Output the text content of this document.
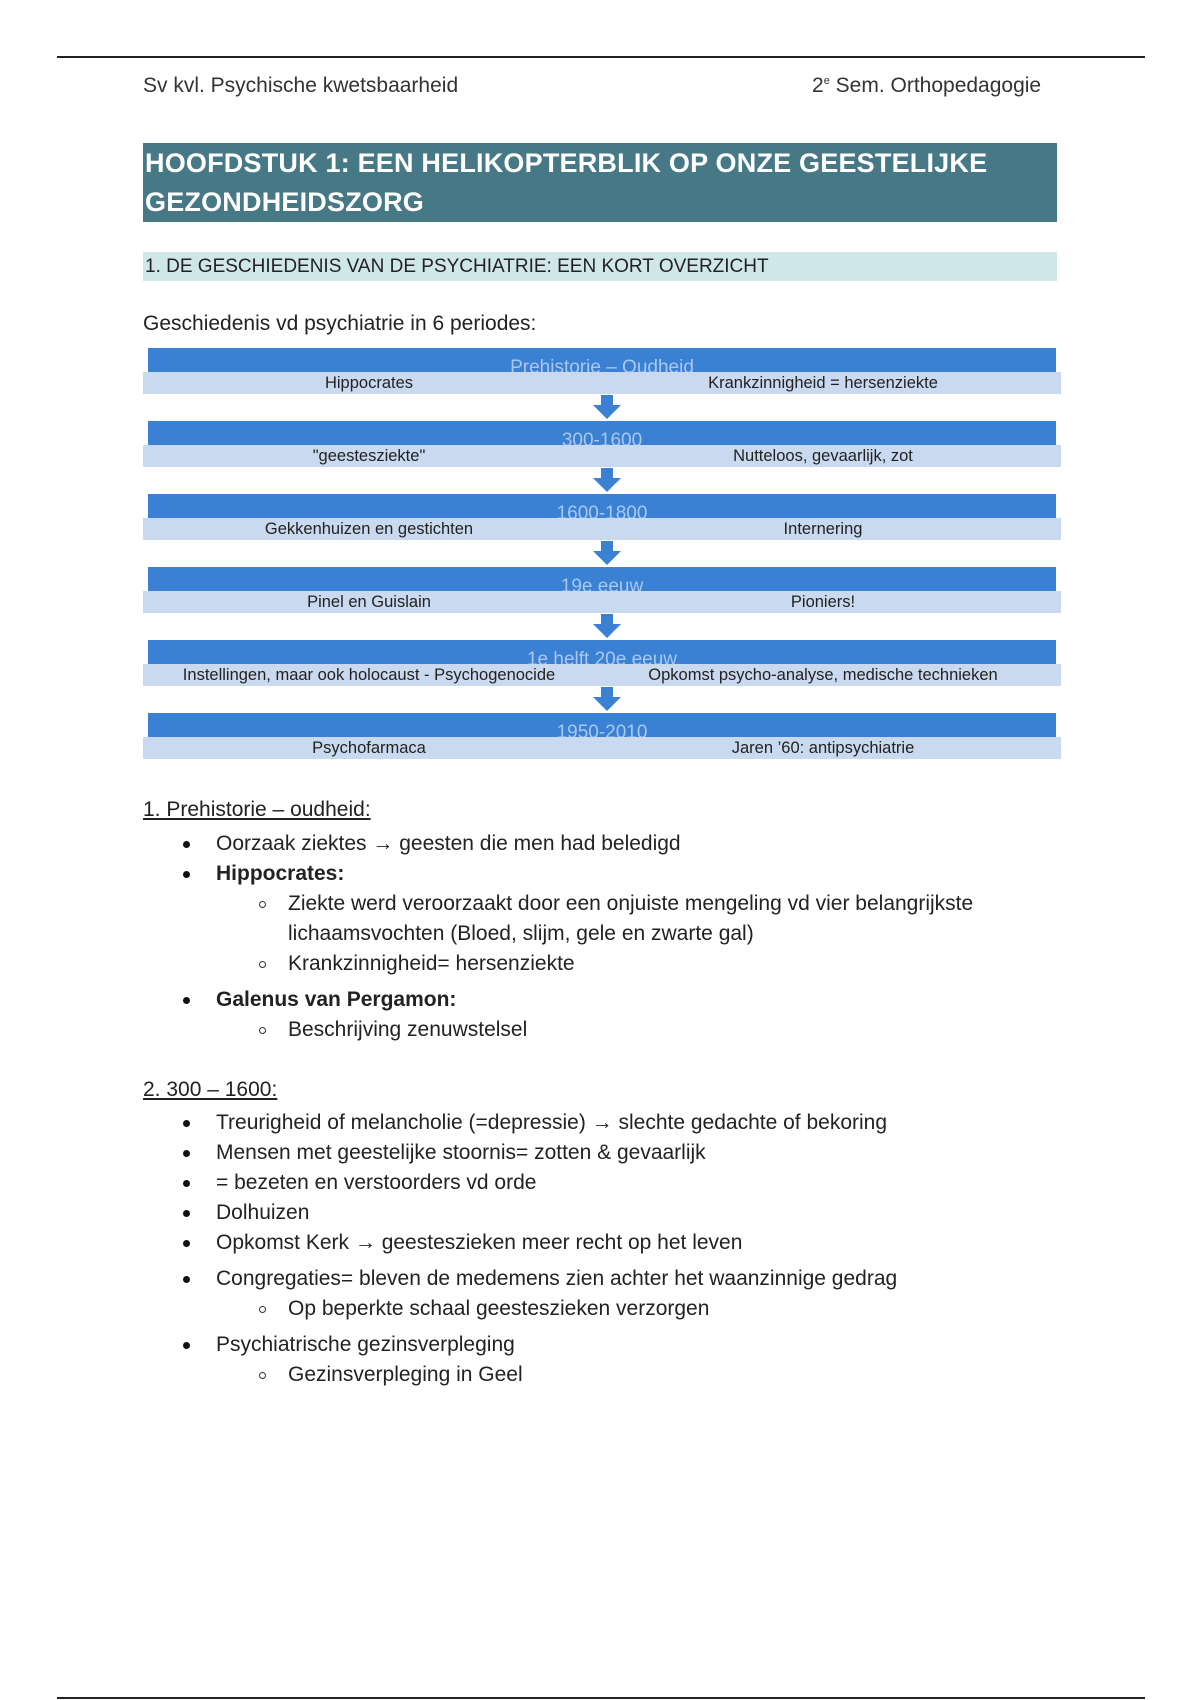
Sv kvl. Psychische kwetsbaarheid	2e Sem. Orthopedagogie
HOOFDSTUK 1: EEN HELIKOPTERBLIK OP ONZE GEESTELIJKE
GEZONDHEIDSZORG
1. DE GESCHIEDENIS VAN DE PSYCHIATRIE: EEN KORT OVERZICHT
Geschiedenis vd psychiatrie in 6 periodes:
Prehistorie – Oudheid
Hippocrates	Krankzinnigheid = hersenziekte
300-1600
"geestesziekte"	Nutteloos, gevaarlijk, zot
1600-1800
Gekkenhuizen en gestichten	Internering
19e eeuw
Pinel en Guislain	Pioniers!
1e helft 20e eeuw
Instellingen, maar ook holocaust - Psychogenocide	Opkomst psycho-analyse, medische technieken
1950-2010
Psychofarmaca	Jaren ’60: antipsychiatrie
1. Prehistorie – oudheid:
Oorzaak ziektes → geesten die men had beledigd
Hippocrates:
Ziekte werd veroorzaakt door een onjuiste mengeling vd vier belangrijkste lichaamsvochten (Bloed, slijm, gele en zwarte gal)
Krankzinnigheid= hersenziekte
Galenus van Pergamon:
Beschrijving zenuwstelsel
2. 300 – 1600:
Treurigheid of melancholie (=depressie) → slechte gedachte of bekoring
Mensen met geestelijke stoornis= zotten & gevaarlijk
= bezeten en verstoorders vd orde
Dolhuizen
Opkomst Kerk → geesteszieken meer recht op het leven
Congregaties= bleven de medemens zien achter het waanzinnige gedrag
Op beperkte schaal geesteszieken verzorgen
Psychiatrische gezinsverpleging
Gezinsverpleging in Geel
